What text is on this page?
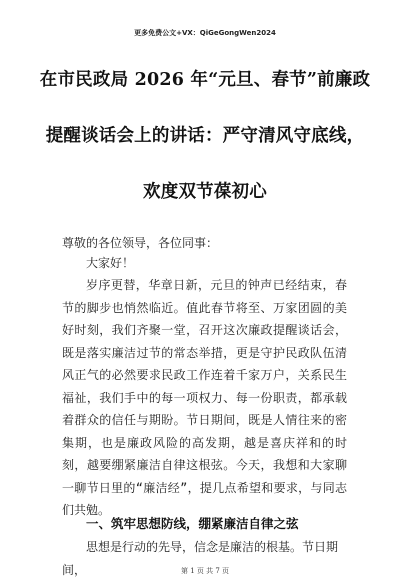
更多免费公文+VX：QiGeGongWen2024
在市民政局 2026 年“元旦、春节”前廉政
提醒谈话会上的讲话：严守清风守底线，
欢度双节葆初心
尊敬的各位领导，各位同事：
大家好！
岁序更替，华章日新，元旦的钟声已经结束，春节的脚步也悄然临近。值此春节将至、万家团圆的美好时刻，我们齐聚一堂，召开这次廉政提醒谈话会，既是落实廉洁过节的常态举措，更是守护民政队伍清风正气的必然要求民政工作连着千家万户，关系民生福祉，我们手中的每一项权力、每一份职责，都承载着群众的信任与期盼。节日期间，既是人情往来的密集期，也是廉政风险的高发期，越是喜庆祥和的时刻，越要绷紧廉洁自律这根弦。今天，我想和大家聊一聊节日里的“廉洁经”，提几点希望和要求，与同志们共勉。
一、筑牢思想防线，绷紧廉洁自律之弦
思想是行动的先导，信念是廉洁的根基。节日期间，	第 1 页 共 7 页
